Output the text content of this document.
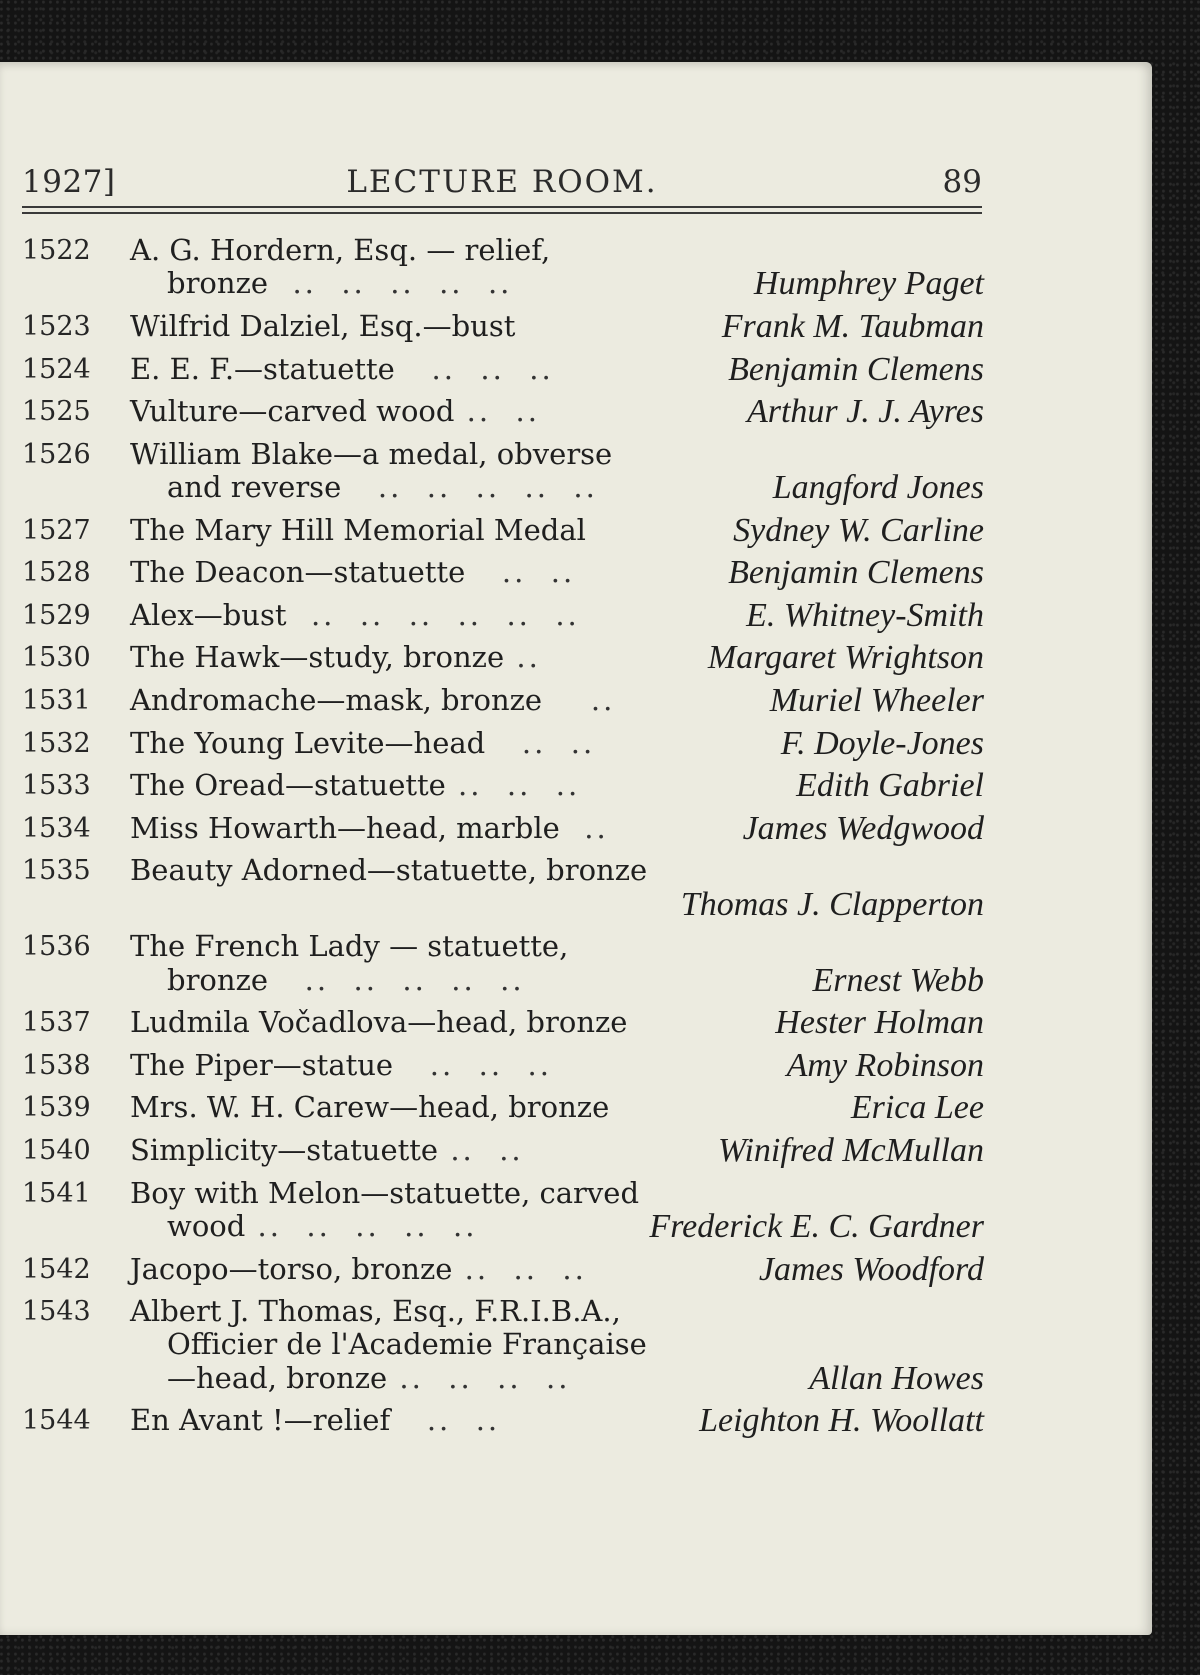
1927]	LECTURE ROOM.	89
1522	A. G. Hordern, Esq. — relief,
bronze  ..  ..  ..  ..  ..	Humphrey Paget
1523	Wilfrid Dalziel, Esq.—bust	Frank M. Taubman
1524	E. E. F.—statuette   ..  ..  ..	Benjamin Clemens
1525	Vulture—carved wood ..  ..	Arthur J. J. Ayres
1526	William Blake—a medal, obverse
and reverse   ..  ..  ..  ..  ..	Langford Jones
1527	The Mary Hill Memorial Medal	Sydney W. Carline
1528	The Deacon—statuette   ..  ..	Benjamin Clemens
1529	Alex—bust  ..  ..  ..  ..  ..  ..	E. Whitney-Smith
1530	The Hawk—study, bronze ..	Margaret Wrightson
1531	Andromache—mask, bronze    ..	Muriel Wheeler
1532	The Young Levite—head   ..  ..	F. Doyle-Jones
1533	The Oread—statuette ..  ..  ..	Edith Gabriel
1534	Miss Howarth—head, marble  ..	James Wedgwood
1535	Beauty Adorned—statuette, bronze
Thomas J. Clapperton
1536	The French Lady — statuette,
bronze   ..  ..  ..  ..  ..	Ernest Webb
1537	Ludmila Vočadlova—head, bronze	Hester Holman
1538	The Piper—statue   ..  ..  ..	Amy Robinson
1539	Mrs. W. H. Carew—head, bronze	Erica Lee
1540	Simplicity—statuette ..  ..	Winifred McMullan
1541	Boy with Melon—statuette, carved
wood ..  ..  ..  ..  ..	Frederick E. C. Gardner
1542	Jacopo—torso, bronze ..  ..  ..	James Woodford
1543	Albert J. Thomas, Esq., F.R.I.B.A.,
Officier de l'Academie Française
—head, bronze ..  ..  ..  ..	Allan Howes
1544	En Avant !—relief   ..  ..	Leighton H. Woollatt
